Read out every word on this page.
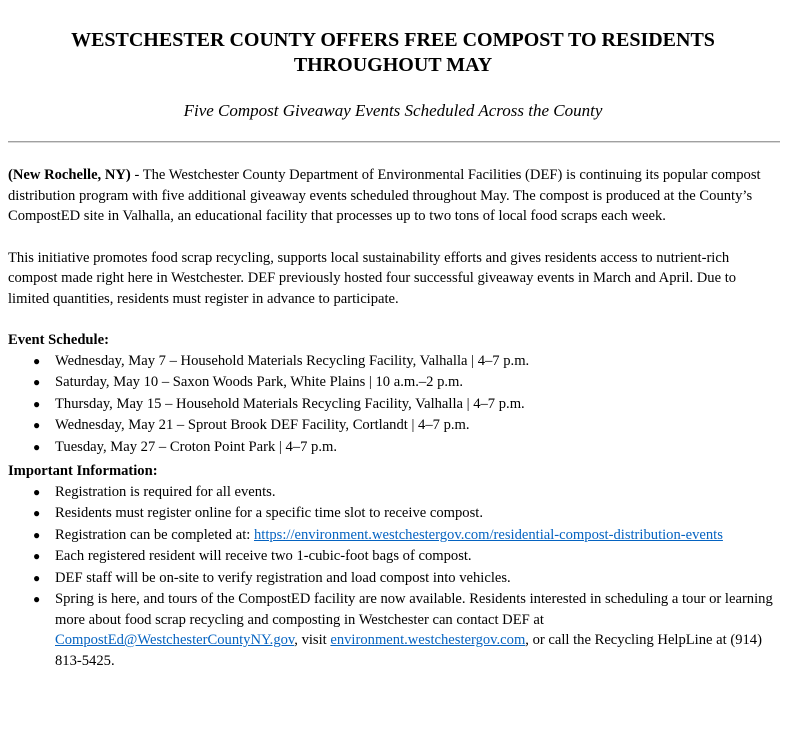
WESTCHESTER COUNTY OFFERS FREE COMPOST TO RESIDENTS THROUGHOUT MAY
Five Compost Giveaway Events Scheduled Across the County

(New Rochelle, NY) - The Westchester County Department of Environmental Facilities (DEF) is continuing its popular compost distribution program with five additional giveaway events scheduled throughout May. The compost is produced at the County’s CompostED site in Valhalla, an educational facility that processes up to two tons of local food scraps each week.

This initiative promotes food scrap recycling, supports local sustainability efforts and gives residents access to nutrient-rich compost made right here in Westchester. DEF previously hosted four successful giveaway events in March and April. Due to limited quantities, residents must register in advance to participate.

Event Schedule:
● Wednesday, May 7 – Household Materials Recycling Facility, Valhalla | 4–7 p.m.
● Saturday, May 10 – Saxon Woods Park, White Plains | 10 a.m.–2 p.m.
● Thursday, May 15 – Household Materials Recycling Facility, Valhalla | 4–7 p.m.
● Wednesday, May 21 – Sprout Brook DEF Facility, Cortlandt | 4–7 p.m.
● Tuesday, May 27 – Croton Point Park | 4–7 p.m.
Important Information:
● Registration is required for all events.
● Residents must register online for a specific time slot to receive compost.
● Registration can be completed at: https://environment.westchestergov.com/residential-compost-distribution-events
● Each registered resident will receive two 1-cubic-foot bags of compost.
● DEF staff will be on-site to verify registration and load compost into vehicles.
● Spring is here, and tours of the CompostED facility are now available. Residents interested in scheduling a tour or learning more about food scrap recycling and composting in Westchester can contact DEF at CompostEd@WestchesterCountyNY.gov, visit environment.westchestergov.com, or call the Recycling HelpLine at (914) 813-5425.
